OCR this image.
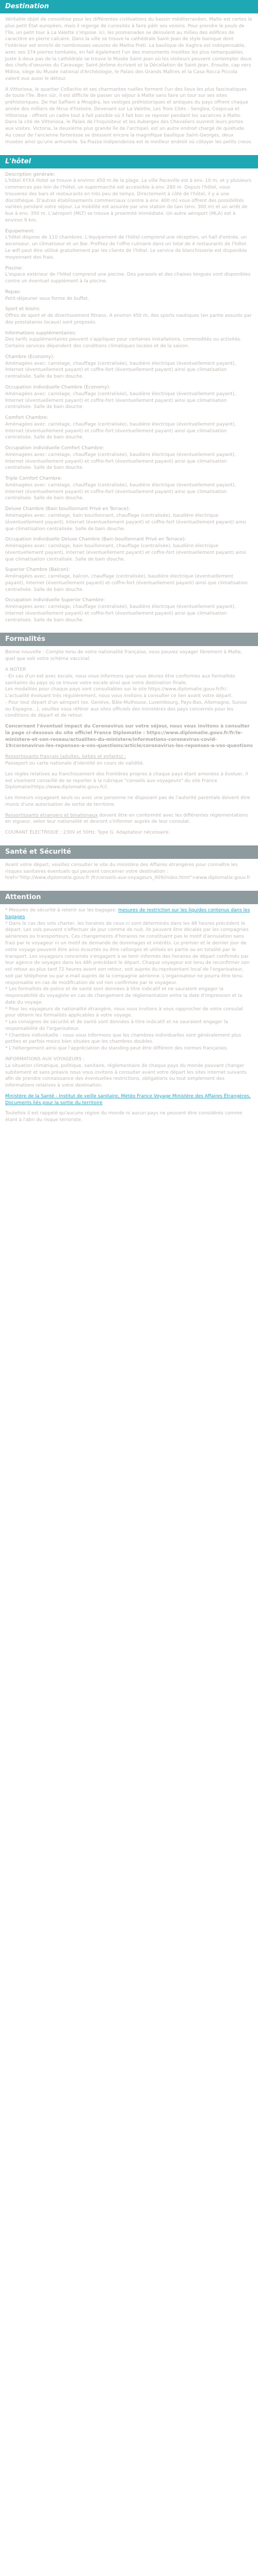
Destination

Véritable objet de convoitise pour les différentes civilisations du bassin méditerranéen, Malte est certes le plus petit État européen, mais il regorge de curiosités à faire pâlir ses voisins. Pour prendre le pouls de l'île, un petit tour à La Valette s'impose. Ici, les promenades se déroulent au milieu des édifices de caractère en pierre calcaire. Dans la ville se trouve la cathédrale Saint-Jean de style baroque dont l'intérieur est enrichi de nombreuses oeuvres de Mattia Preti. La basilique de Xaghra est indispensable, avec ses 374 pierres tombales, en fait également l'un des monuments insolites les plus remarquables. Juste à deux pas de la cathédrale se trouve le Musée Saint-Jean où les visiteurs peuvent contempler deux des chefs-d'oeuvres du Caravage: Saint-Jérôme écrivant et la Décollation de Saint-Jean. Ensuite, cap vers Mdina, siège du Musée national d'Archéologie, le Palais des Grands Maîtres et la Casa Rocca Piccola valent eux aussi le détour.

À Vittoriosa, le quartier Collachio et ses charmantes ruelles forment l'un des lieux les plus fascinatiques de toute l'île. Bien sûr, il est difficile de passer un séjour à Malte sans faire un tour sur ses sites préhistoriques. De Hal Saflieni à Mnajdra, les vestiges préhistoriques et antiques du pays offrent chaque année des milliers de férus d'histoire. Devenant sur La Valette, Les Trois Cités - Senglea, Cospicua et Vittoriosa - offrent un cadre tout à fait paisible où il fait bon se reposer pendant les vacances à Malte. Dans la cité de Vittoriosa, le Palais de l'Inquisiteur et les Auberges des Chevaliers ouvrent leurs portes aux visites. Victoria, la deuxième plus grande île de l'archipel, est un autre endroit chargé de quiétude. Au coeur de l'ancienne forteresse se dressent encore la magnifique basilique Saint-Georges, deux musées ainsi qu'une armurerie. Sa Piazza Indipendenza est le meilleur endroit où côtoyer les petits creux.

L'hôtel
Description générale:
L'hôtel XYXX Hotel se trouve à environ 450 m de la plage. La ville Paceville est à env. 10 m, et y plusieurs commerces pas loin de l'hôtel, un supermarché est accessible à env. 280 m. Depuis l'hôtel, vous trouverez des bars et restaurants en très peu de temps. Directement à côté de l'hôtel, il y a une discothèque. D'autres établissements commerciaux (centre à env. 400 m) vous offrent des possibilités variées pendant votre séjour. La mobilité est assurée par une station de taxi (env. 300 m) et un arrêt de bus à env. 350 m. L'aéroport (MLT) se trouve à proximité immédiate. Un autre aéroport (MLA) est à environ 9 km.
Equipement:
L'hôtel dispose de 110 chambres. L'équipement de l'hôtel comprend une réception, un hall d'entrée, un ascenseur, un climatiseur et un Bar. Profitez de l'offre culinaire dans un total de 4 restaurants de l'hôtel. Le wifi peut être utilisé gratuitement par les clients de l'hôtel. Le service de blanchisserie est disponible moyennant des frais.
Piscine:
L'espace extérieur de l'hôtel comprend une piscine. Des parasols et des chaises longues sont disponibles contre un éventuel supplément à la piscine.
Repas:
Petit-déjeuner sous forme de buffet.
Sport et loisirs:
Offres de sport et de divertissement fitness. À environ 450 m, des sports nautiques (en partie assurés par des prestataires locaux) sont proposés.
Informations supplémentaires:
Des tarifs supplémentaires peuvent s'appliquer pour certaines installations, commodités ou activités. Certains services dépendent des conditions climatiques locales et de la saison.
Chambre (Economy):
Aménagées avec: carrelage, chauffage (centralisée), baudière électrique (éventuellement payant), Internet (éventuellement payant) et coffre-fort (éventuellement payant) ainsi que climatisation centralisée. Salle de bain douche.
Occupation individuelle Chambre (Economy):
Aménagées avec: carrelage, chauffage (centralisée), baudière électrique (éventuellement payant), Internet (éventuellement payant) et coffre-fort (éventuellement payant) ainsi que climatisation centralisée. Salle de bain douche.
Comfort Chambre:
Aménagées avec: carrelage, chauffage (centralisée), baudière électrique (éventuellement payant), Internet (éventuellement payant) et coffre-fort (éventuellement payant) ainsi que climatisation centralisée. Salle de bain douche.
Occupation individuelle Comfort Chambre:
Aménagées avec: carrelage, chauffage (centralisée), baudière électrique (éventuellement payant), Internet (éventuellement payant) et coffre-fort (éventuellement payant) ainsi que climatisation centralisée. Salle de bain douche.
Triple Comfort Chambre:
Aménagées avec: carrelage, chauffage (centralisée), baudière électrique (éventuellement payant), Internet (éventuellement payant) et coffre-fort (éventuellement payant) ainsi que climatisation centralisée. Salle de bain douche.
Deluxe Chambre (Bain bouillonnant Privé en Terrace):
Aménagées avec: carrelage, bain bouillonnant, chauffage (centralisée), baudière électrique (éventuellement payant), Internet (éventuellement payant) et coffre-fort (éventuellement payant) ainsi que climatisation centralisée. Salle de bain douche.
Occupation individuelle Deluxe Chambre (Bain bouillonnant Privé en Terrace):
Aménagées avec: carrelage, bain bouillonnant, chauffage (centralisée), baudière électrique (éventuellement payant), Internet (éventuellement payant) et coffre-fort (éventuellement payant) ainsi que climatisation centralisée. Salle de bain douche.
Superior Chambre (Balcon):
Aménagées avec: carrelage, balcon, chauffage (centralisée), baudière électrique (éventuellement payant), Internet (éventuellement payant) et coffre-fort (éventuellement payant) ainsi que climatisation centralisée. Salle de bain douche.
Occupation individuelle Superior Chambre:
Aménagées avec: carrelage, chauffage (centralisée), baudière électrique (éventuellement payant), Internet (éventuellement payant) et coffre-fort (éventuellement payant) ainsi que climatisation centralisée. Salle de bain douche.
Formalités

Bonne nouvelle : Compte tenu de votre nationalité française, vous pouvez voyager librement à Malte, quel que soit votre schéma vaccinal.

A NOTER
- En cas d'un est avec escale, nous vous informons que vous devrez être conformes aux formalités sanitaires du pays où se trouve votre escale ainsi que votre destination finale.
Les modalités pour chaque pays sont consultables sur le site https://www.diplomatie.gouv.fr/fr/. L'actualité évoluant très régulièrement, nous vous invitons à consulter ce lien avant votre départ.
- Pour tout départ d'un aéroport (ex. Genève, Bâle-Mulhouse, Luxembourg, Pays-Bas, Allemagne, Suisse ou Espagne...), veuillez vous référer aux sites officiels des ministères des pays concernés pour les conditions de départ et de retour.

Concernant l'éventuel impact du Coronavirus sur votre séjour, nous vous invitons à consulter la page ci-dessous du site officiel France Diplomatie : https://www.diplomatie.gouv.fr/fr/le-ministere-et-son-reseau/actualites-du-ministere/informations-coronavirus-covid-19/coronavirus-les-reponses-a-vos-questions/article/coronavirus-les-reponses-a-vos-questions

Ressortissants français (adultes, bébés et enfants) :
Passeport ou carte nationale d'identité en cours de validité.

Les règles relatives au franchissement des frontières propres à chaque pays étant amenées à évoluer, il est vivement conseillé de se reporter à la rubrique "conseils aux voyageurs" du site France Diplomatie(https://www.diplomatie.gouv.fr/).

Les mineurs voyageant seuls ou avec une personne ne disposant pas de l'autorité parentale doivent être munis d'une autorisation de sortie de territoire.

Ressortissants étrangers et binationaux doivent être en conformité avec les différentes réglementations en vigueur, selon leur nationalité et devront s'informer auprès de leur consulat.

COURANT ÉLECTRIQUE : 230V et 50Hz. Type G. Adaptateur nécessaire.

Santé et Sécurité

Avant votre départ, veuillez consulter le site du ministère des Affaires étrangères pour connaître les risques sanitaires éventuels qui peuvent concerner votre destination : href="http://www.diplomatie.gouv.fr /fr/conseils-aux-voyageurs_909/index.html">www.diplomatie.gouv.fr

Attention

* Mesures de sécurité à retenir sur les bagages: mesures de restriction sur les liquides contenus dans les bagages
* Dans le cas des vols charter, les horaires de ceux-ci sont déterminés dans les 48 heures précédent le départ. Les vols peuvent s'effectuer de jour comme de nuit. Ils peuvent être décalés par les compagnies aériennes ou transporteurs. Ces changements d'horaires ne constituent pas le motif d'annulation sans frais par le voyageur ni un motif de demande de dommages et intérêts. Le premier et le dernier jour de votre voyage peuvent être ainsi écourtés ou être rallongés et utilisés en partie ou en totalité par le transport. Les voyageurs concernés s'engagent à se tenir informés des horaires de départ confirmés par leur agence de voyages dans les 48h précédant le départ. Chaque voyageur est tenu de reconfirmer son vol retour au plus tard 72 heures avant son retour, soit auprès du représentant local de l'organisateur, soit par téléphone ou par e-mail auprès de la compagnie aérienne. L'organisateur ne pourra être tenu responsable en cas de modification de vol non confirmée par le voyageur.
* Les formalités de police et de santé sont données à titre indicatif et ne sauraient engager la responsabilité du voyagiste en cas de changement de réglementation entre la date d'impression et la date du voyage.
* Pour les voyageurs de nationalité étrangère, nous vous invitons à vous rapprocher de votre consulat pour obtenir les formalités applicables à votre voyage.
* Les consignes de sécurité et de santé sont données à titre indicatif et ne sauraient engager la responsabilité de l'organisateur.
* Chambre individuelle : nous vous informons que les chambres individuelles sont généralement plus petites et parfois moins bien situées que les chambres doubles.
* L'hébergement ainsi que l'appréciation du standing peut être différent des normes françaises.

INFORMATIONS AUX VOYAGEURS :
La situation climatique, politique, sanitaire, réglementaire de chaque pays du monde pouvant changer subitement et sans préavis nous vous invitons à consulter avant votre départ les sites internet suivants afin de prendre connaissance des éventuelles restrictions, obligations ou tout simplement des informations relatives à votre destination.

Ministère de la Santé - Institut de veille sanitaire, Météo France Voyage Ministère des Affaires Étrangères, Documents liés pour la sortie du territoire

Toutefois il est rappelé qu'aucune région du monde ni aucun pays ne peuvent être considérés comme étant à l'abri du risque terroriste.
